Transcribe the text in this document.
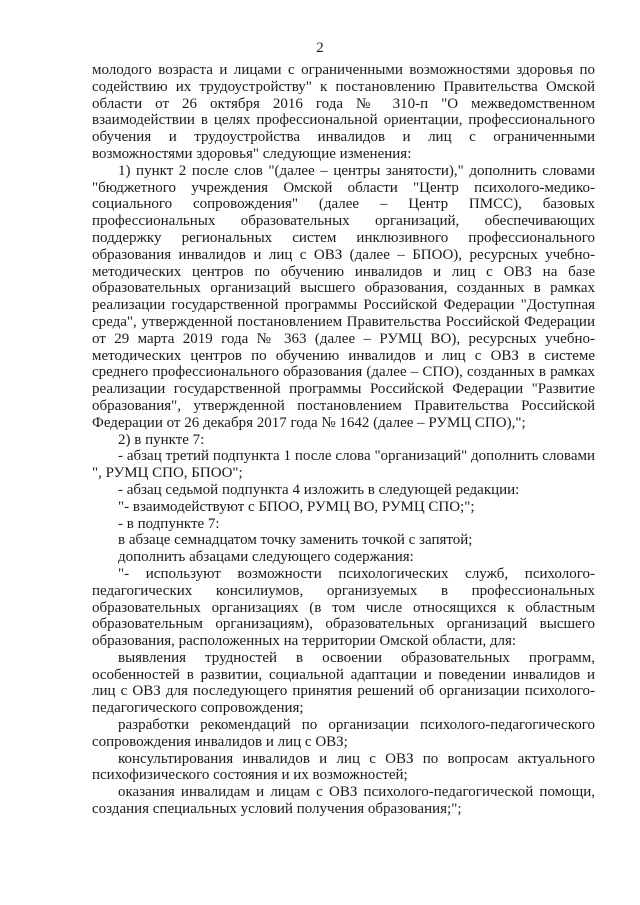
2

молодого возраста и лицами с ограниченными возможностями здоровья по содействию их трудоустройству" к постановлению Правительства Омской области от 26 октября 2016 года № 310-п "О межведомственном взаимодействии в целях профессиональной ориентации, профессионального обучения и трудоустройства инвалидов и лиц с ограниченными возможностями здоровья" следующие изменения:

1) пункт 2 после слов "(далее – центры занятости)," дополнить словами "бюджетного учреждения Омской области "Центр психолого-медико-социального сопровождения" (далее – Центр ПМСС), базовых профессиональных образовательных организаций, обеспечивающих поддержку региональных систем инклюзивного профессионального образования инвалидов и лиц с ОВЗ (далее – БПОО), ресурсных учебно-методических центров по обучению инвалидов и лиц с ОВЗ на базе образовательных организаций высшего образования, созданных в рамках реализации государственной программы Российской Федерации "Доступная среда", утвержденной постановлением Правительства Российской Федерации от 29 марта 2019 года № 363 (далее – РУМЦ ВО), ресурсных учебно-методических центров по обучению инвалидов и лиц с ОВЗ в системе среднего профессионального образования (далее – СПО), созданных в рамках реализации государственной программы Российской Федерации "Развитие образования", утвержденной постановлением Правительства Российской Федерации от 26 декабря 2017 года № 1642 (далее – РУМЦ СПО),";

2) в пункте 7:

- абзац третий подпункта 1 после слова "организаций" дополнить словами ", РУМЦ СПО, БПОО";

- абзац седьмой подпункта 4 изложить в следующей редакции:

"- взаимодействуют с БПОО, РУМЦ ВО, РУМЦ СПО;";

- в подпункте 7:

в абзаце семнадцатом точку заменить точкой с запятой;

дополнить абзацами следующего содержания:

"- используют возможности психологических служб, психолого-педагогических консилиумов, организуемых в профессиональных образовательных организациях (в том числе относящихся к областным образовательным организациям), образовательных организаций высшего образования, расположенных на территории Омской области, для:

выявления трудностей в освоении образовательных программ, особенностей в развитии, социальной адаптации и поведении инвалидов и лиц с ОВЗ для последующего принятия решений об организации психолого-педагогического сопровождения;

разработки рекомендаций по организации психолого-педагогического сопровождения инвалидов и лиц с ОВЗ;

консультирования инвалидов и лиц с ОВЗ по вопросам актуального психофизического состояния и их возможностей;

оказания инвалидам и лицам с ОВЗ психолого-педагогической помощи, создания специальных условий получения образования;";
